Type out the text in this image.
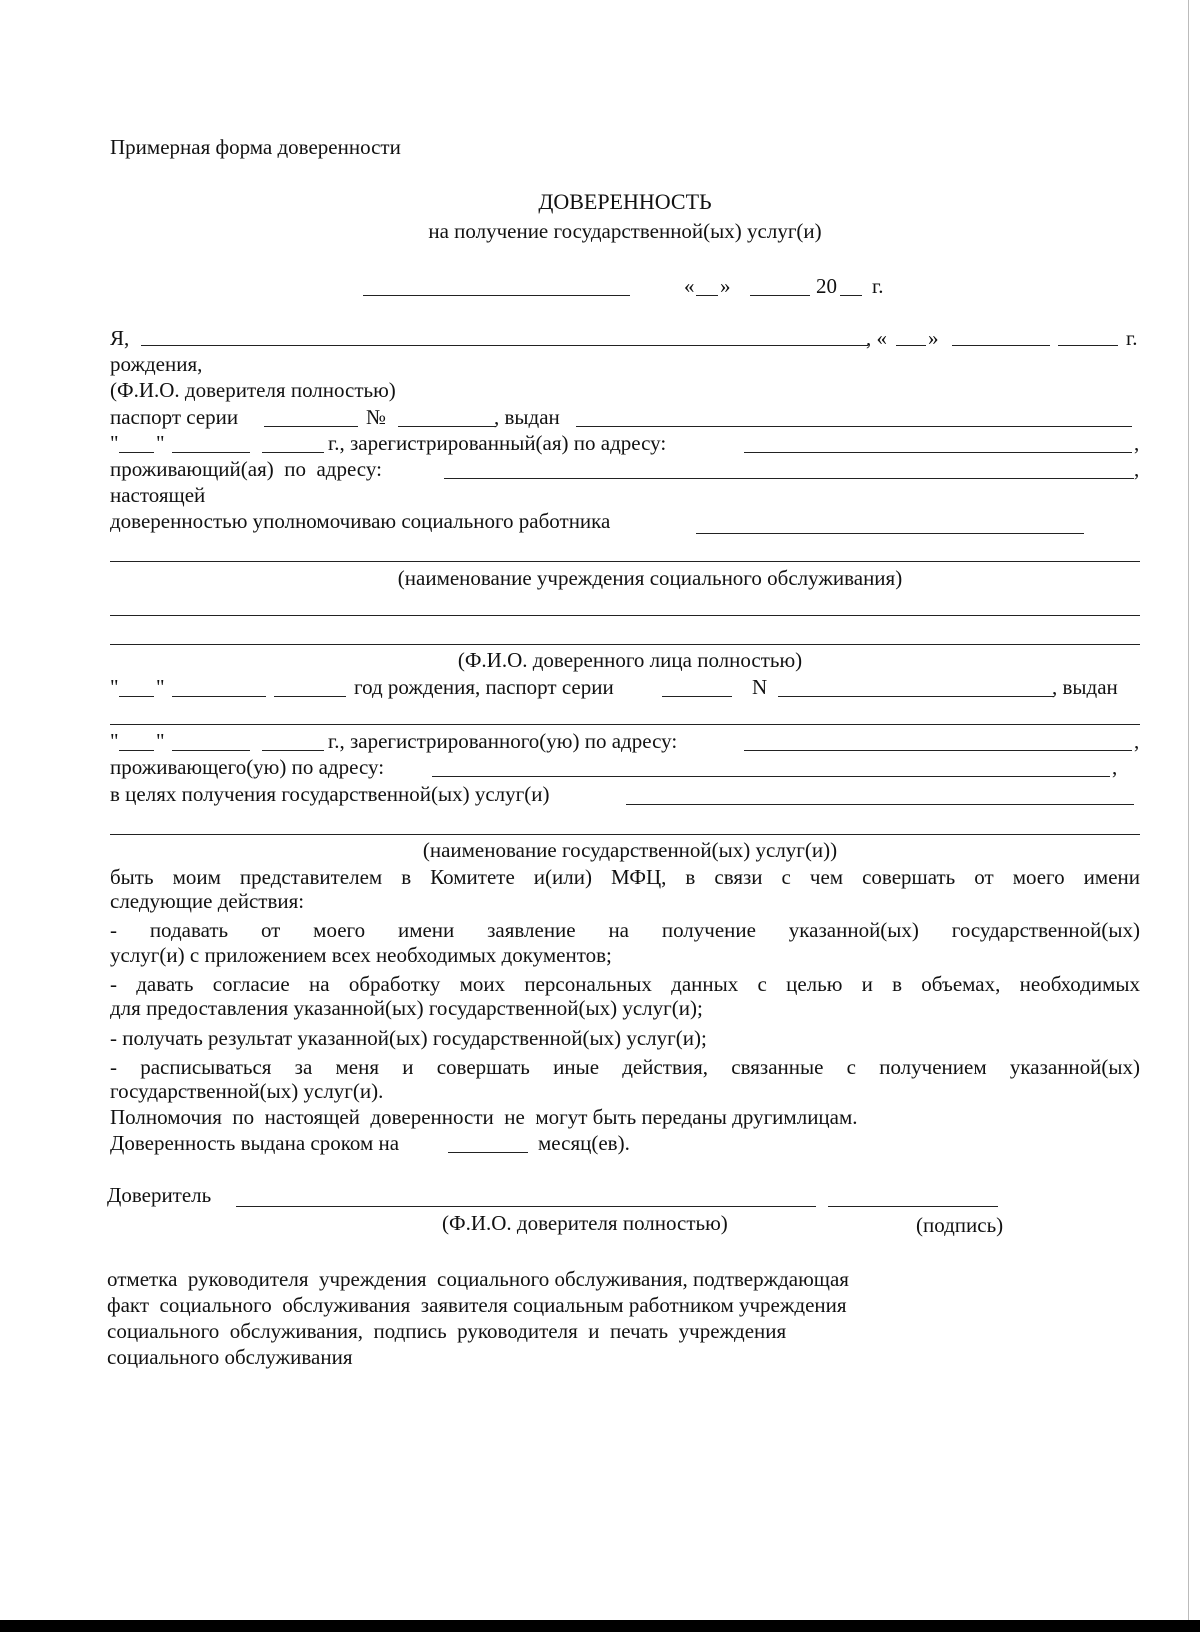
Примерная форма доверенности

ДОВЕРЕННОСТЬ

на получение государственной(ых) услуг(и)

« »	20 г.

Я,	, « »	г.

рождения,

(Ф.И.О. доверителя полностью)

паспорт серии	№	, выдан

" "	г., зарегистрированный(ая) по адресу:	,

проживающий(ая)  по  адресу:	,

настоящей

доверенностью уполномочиваю социального работника

(наименование учреждения социального обслуживания)

(Ф.И.О. доверенного лица полностью)

" "	год рождения, паспорт серии	N	, выдан

" "	г., зарегистрированного(ую) по адресу:	,

проживающего(ую) по адресу:	,

в целях получения государственной(ых) услуг(и)

(наименование государственной(ых) услуг(и))

быть моим представителем в Комитете и(или) МФЦ, в связи с чем совершать от моего имени

следующие действия:

- подавать от моего имени заявление на получение указанной(ых) государственной(ых)

услуг(и) с приложением всех необходимых документов;

- давать согласие на обработку моих персональных данных с целью и в объемах, необходимых

для предоставления указанной(ых) государственной(ых) услуг(и);

- получать результат указанной(ых) государственной(ых) услуг(и);

- расписываться за меня и совершать иные действия, связанные с получением указанной(ых)

государственной(ых) услуг(и).

Полномочия  по  настоящей  доверенности  не  могут быть переданы другимлицам.

Доверенность выдана сроком на	месяц(ев).

Доверитель

(Ф.И.О. доверителя полностью)	(подпись)

отметка  руководителя  учреждения  социального обслуживания, подтверждающая

факт  социального  обслуживания  заявителя социальным работником учреждения

социального  обслуживания,  подпись  руководителя  и  печать  учреждения

социального обслуживания
